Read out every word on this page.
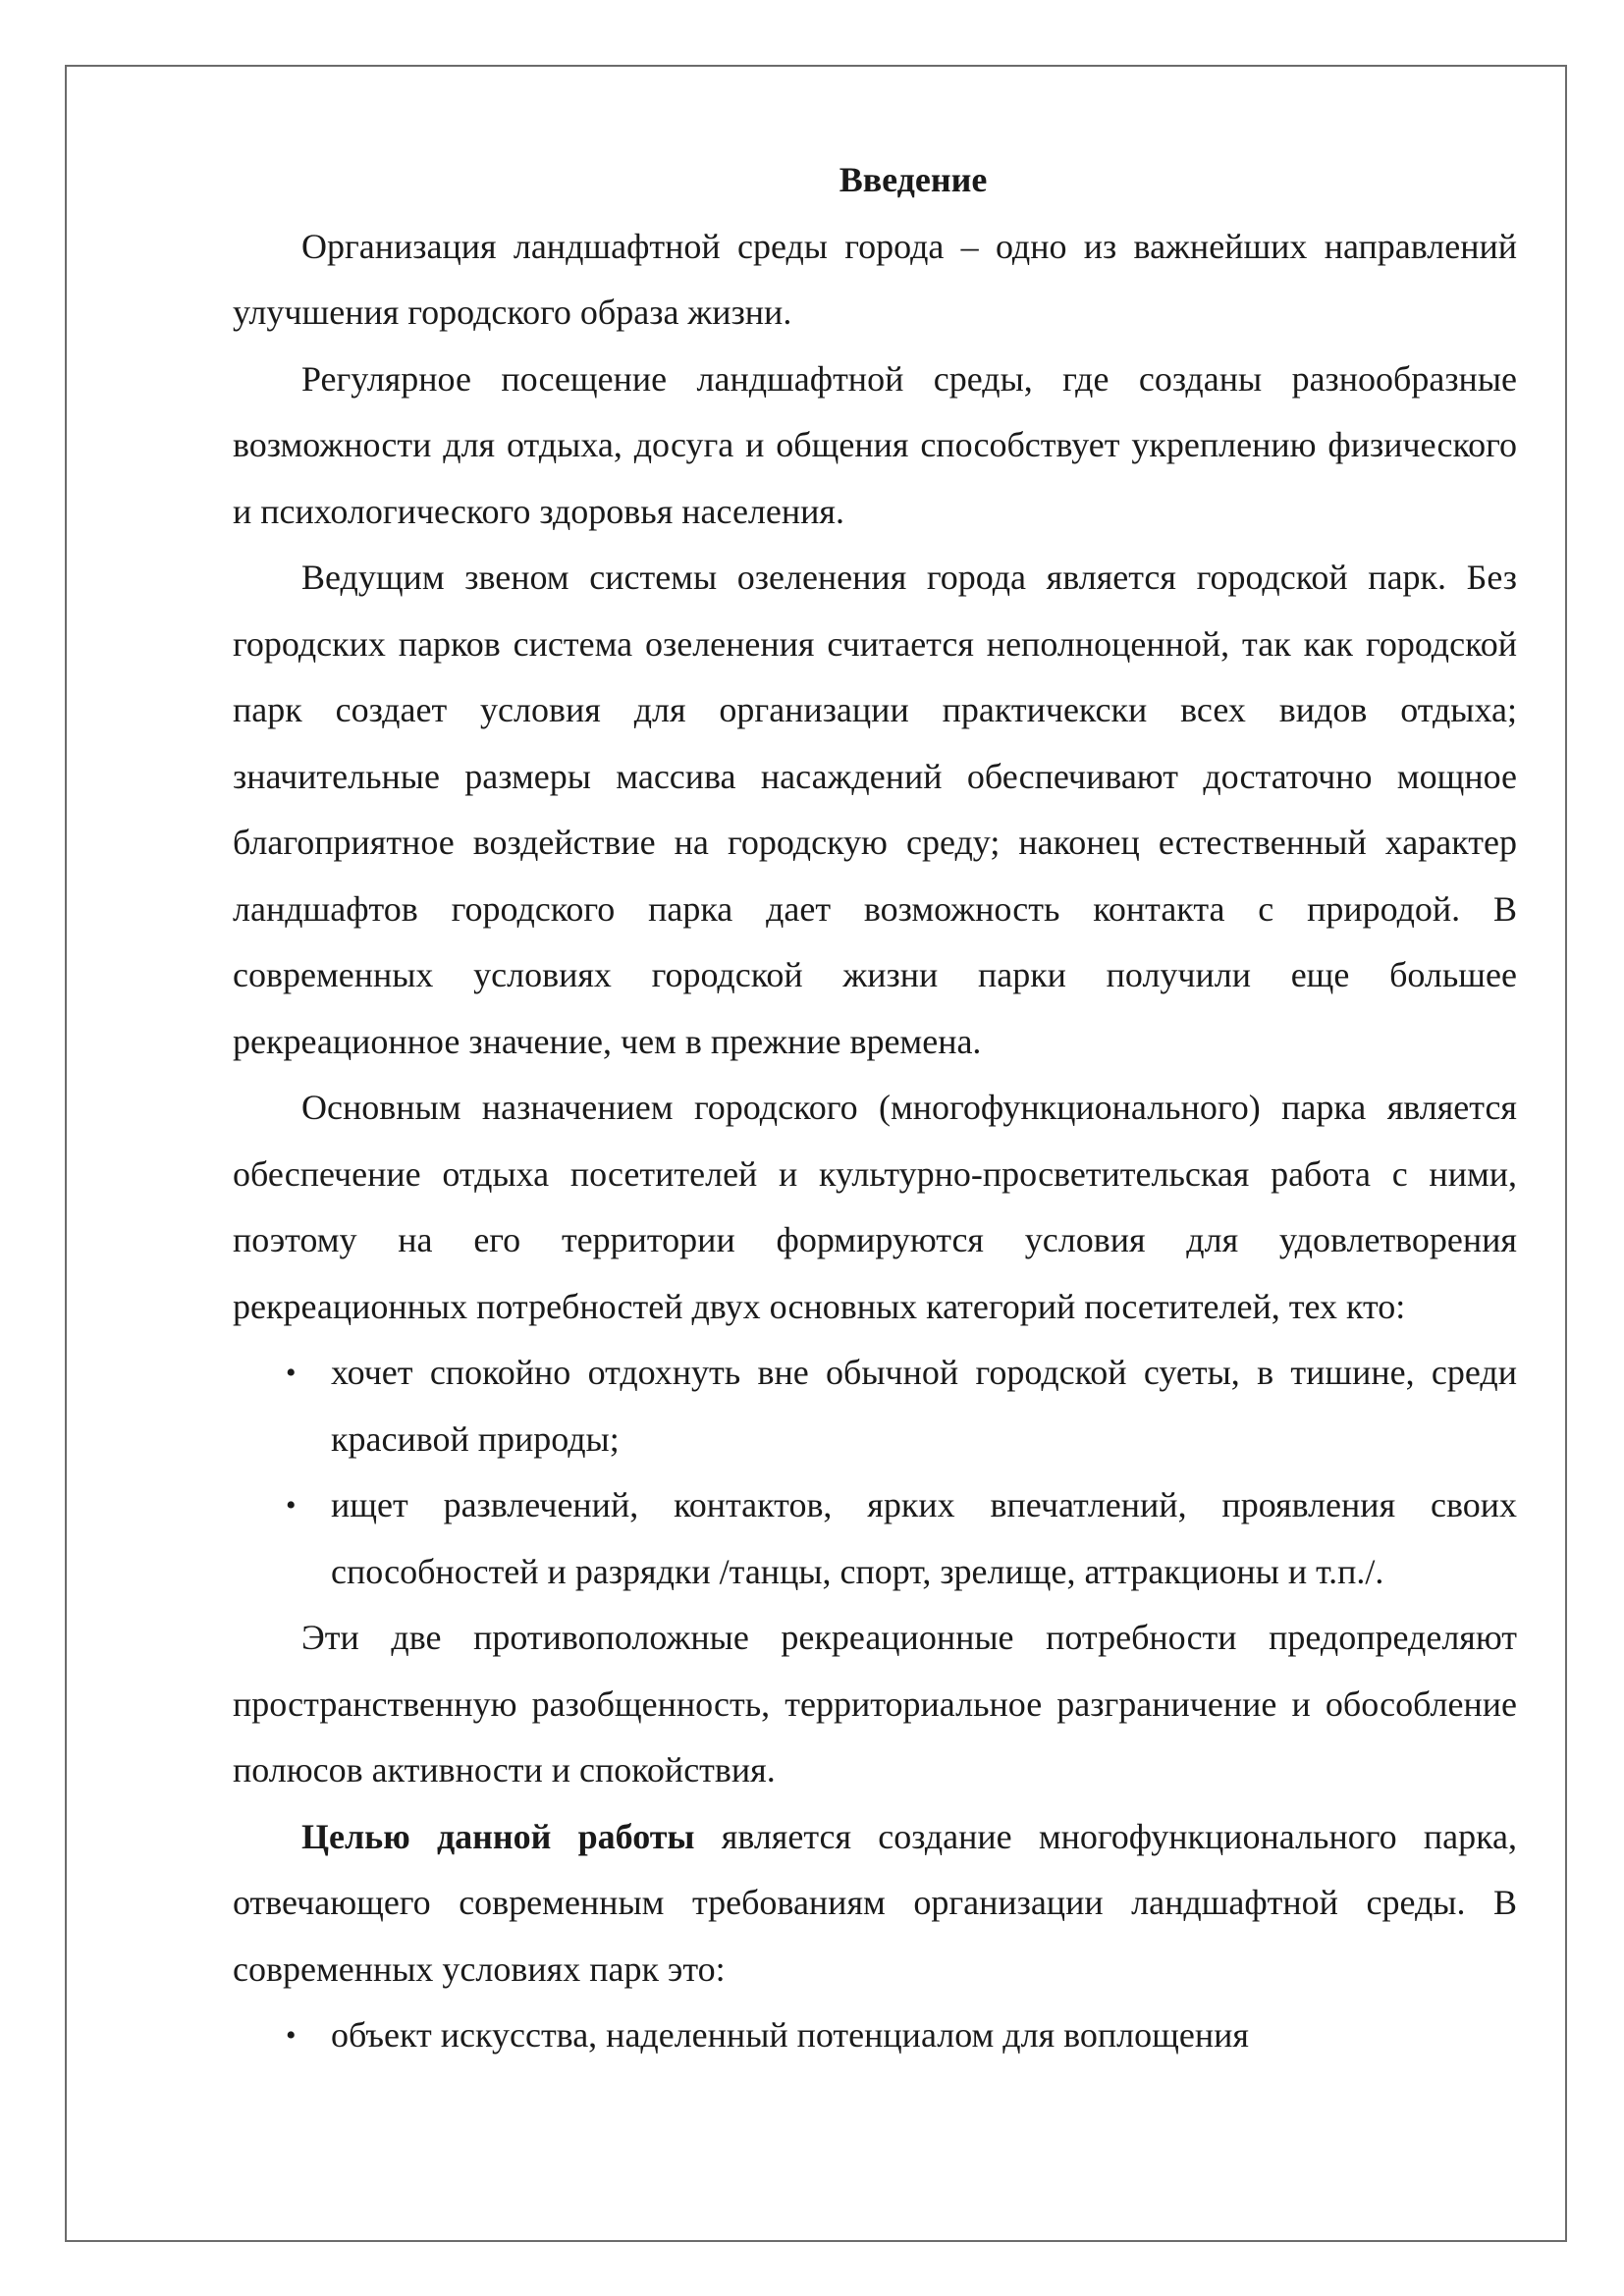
Введение

Организация ландшафтной среды города – одно из важнейших направлений улучшения городского образа жизни.

Регулярное посещение ландшафтной среды, где созданы разнообразные возможности для отдыха, досуга и общения способствует укреплению физического и психологического здоровья населения.

Ведущим звеном системы озеленения города является городской парк. Без городских парков система озеленения считается неполноценной, так как городской парк создает условия для организации практичекски всех видов отдыха; значительные размеры массива насаждений обеспечивают достаточно мощное благоприятное воздействие на городскую среду; наконец естественный характер ландшафтов городского парка дает возможность контакта с природой. В современных условиях городской жизни парки получили еще большее рекреационное значение, чем в прежние времена.

Основным назначением городского (многофункционального) парка является обеспечение отдыха посетителей и культурно-просветительская работа с ними, поэтому на его территории формируются условия для удовлетворения рекреационных потребностей двух основных категорий посетителей, тех кто:

• хочет спокойно отдохнуть вне обычной городской суеты, в тишине, среди красивой природы;
• ищет развлечений, контактов, ярких впечатлений, проявления своих способностей и разрядки /танцы, спорт, зрелище, аттракционы и т.п./.

Эти две противоположные рекреационные потребности предопределяют пространственную разобщенность, территориальное разграничение и обособление полюсов активности и спокойствия.

Целью данной работы является создание многофункционального парка, отвечающего современным требованиям организации ландшафтной среды. В современных условиях парк это:

• объект искусства, наделенный потенциалом для воплощения
